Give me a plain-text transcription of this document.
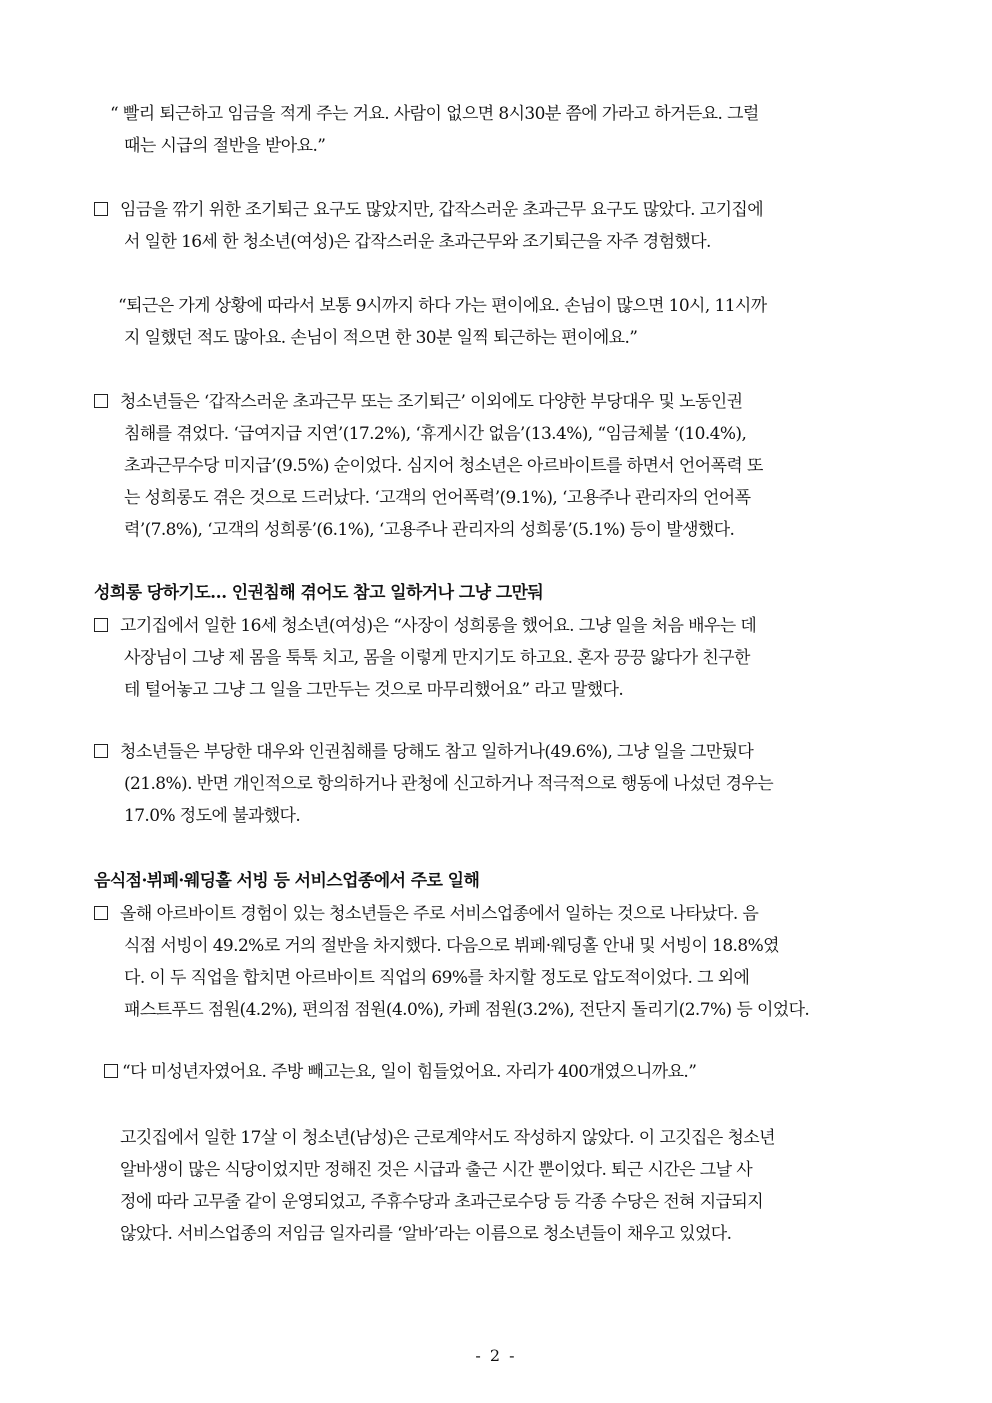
“ 빨리 퇴근하고 임금을 적게 주는 거요. 사람이 없으면 8시30분 쯤에 가라고 하거든요. 그럴
때는 시급의 절반을 받아요.”
임금을 깎기 위한 조기퇴근 요구도 많았지만, 갑작스러운 초과근무 요구도 많았다. 고기집에
서 일한 16세 한 청소년(여성)은 갑작스러운 초과근무와 조기퇴근을 자주 경험했다.
“퇴근은 가게 상황에 따라서 보통 9시까지 하다 가는 편이에요. 손님이 많으면 10시, 11시까
지 일했던 적도 많아요. 손님이 적으면 한 30분 일찍 퇴근하는 편이에요.”
청소년들은 ‘갑작스러운 초과근무 또는 조기퇴근’ 이외에도 다양한 부당대우 및 노동인권
침해를 겪었다. ‘급여지급 지연’(17.2%), ‘휴게시간 없음’(13.4%), “임금체불 ‘(10.4%),
초과근무수당 미지급’(9.5%) 순이었다. 심지어 청소년은 아르바이트를 하면서 언어폭력 또
는 성희롱도 겪은 것으로 드러났다. ‘고객의 언어폭력’(9.1%), ‘고용주나 관리자의 언어폭
력’(7.8%), ‘고객의 성희롱’(6.1%), ‘고용주나 관리자의 성희롱’(5.1%) 등이 발생했다.
성희롱 당하기도… 인권침해 겪어도 참고 일하거나 그냥 그만둬
고기집에서 일한 16세 청소년(여성)은 “사장이 성희롱을 했어요. 그냥 일을 처음 배우는 데
사장님이 그냥 제 몸을 툭툭 치고, 몸을 이렇게 만지기도 하고요. 혼자 끙끙 앓다가 친구한
테 털어놓고 그냥 그 일을 그만두는 것으로 마무리했어요” 라고 말했다.
청소년들은 부당한 대우와 인권침해를 당해도 참고 일하거나(49.6%), 그냥 일을 그만뒀다
(21.8%). 반면 개인적으로 항의하거나 관청에 신고하거나 적극적으로 행동에 나섰던 경우는
17.0% 정도에 불과했다.
음식점·뷔페·웨딩홀 서빙 등 서비스업종에서 주로 일해
올해 아르바이트 경험이 있는 청소년들은 주로 서비스업종에서 일하는 것으로 나타났다. 음
식점 서빙이 49.2%로 거의 절반을 차지했다. 다음으로 뷔페·웨딩홀 안내 및 서빙이 18.8%였
다. 이 두 직업을 합치면 아르바이트 직업의 69%를 차지할 정도로 압도적이었다. 그 외에
패스트푸드 점원(4.2%), 편의점 점원(4.0%), 카페 점원(3.2%), 전단지 돌리기(2.7%) 등 이었다.
“다 미성년자였어요. 주방 빼고는요, 일이 힘들었어요. 자리가 400개였으니까요.”
고깃집에서 일한 17살 이 청소년(남성)은 근로계약서도 작성하지 않았다. 이 고깃집은 청소년
알바생이 많은 식당이었지만 정해진 것은 시급과 출근 시간 뿐이었다. 퇴근 시간은 그날 사
정에 따라 고무줄 같이 운영되었고, 주휴수당과 초과근로수당 등 각종 수당은 전혀 지급되지
않았다. 서비스업종의 저임금 일자리를 ‘알바’라는 이름으로 청소년들이 채우고 있었다.
- 2 -
